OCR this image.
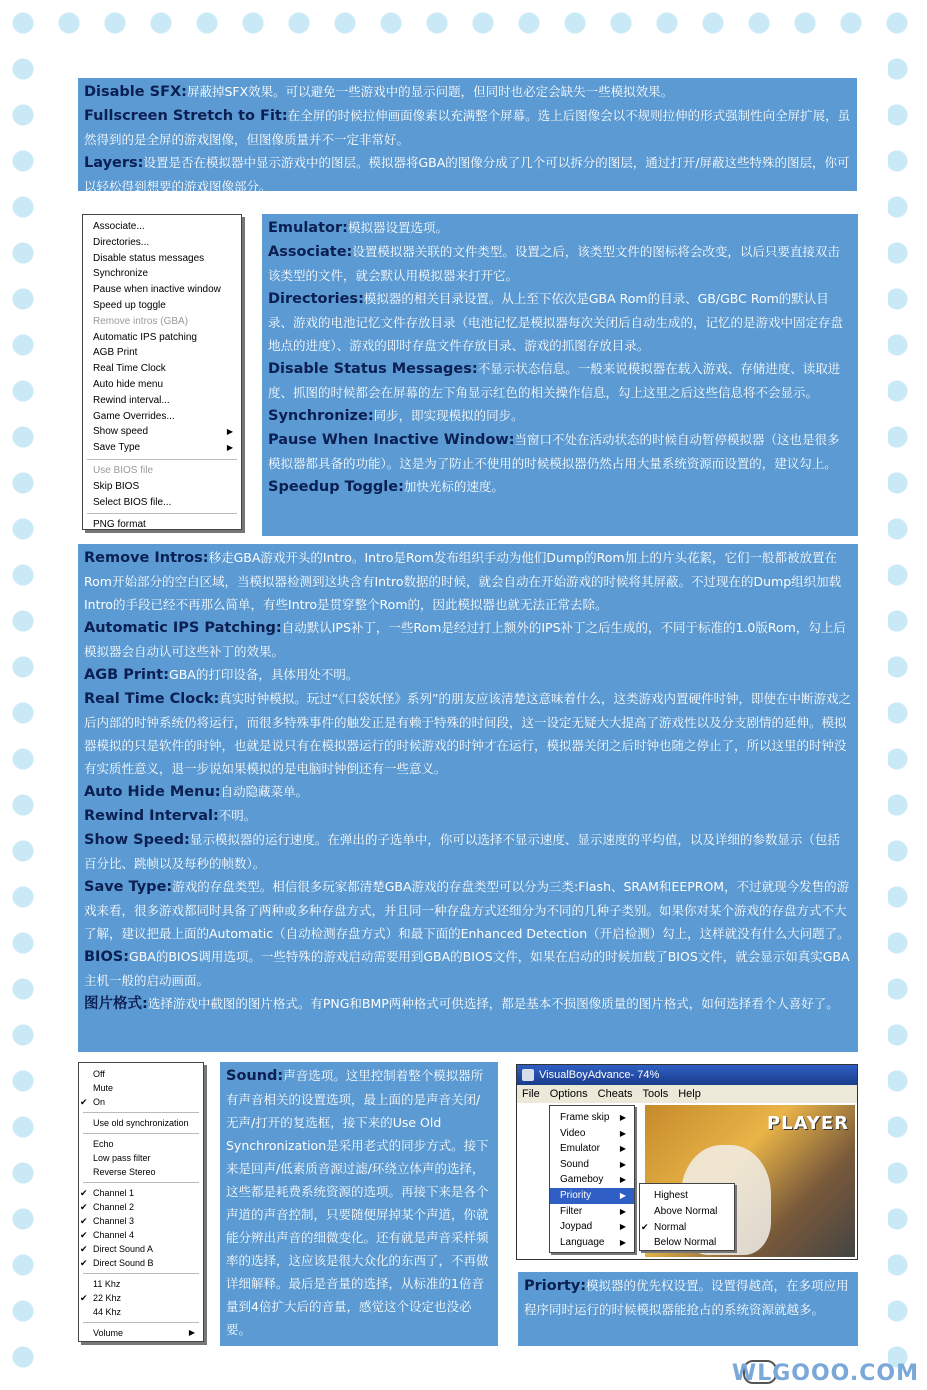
Disable SFX:屏蔽掉SFX效果。可以避免一些游戏中的显示问题，但同时也必定会缺失一些模拟效果。

Fullscreen Stretch to Fit:在全屏的时候拉伸画面像素以充满整个屏幕。选上后图像会以不规则拉伸的形式强制性向全屏扩展，虽然得到的是全屏的游戏图像，但图像质量并不一定非常好。

Layers:设置是否在模拟器中显示游戏中的图层。模拟器将GBA的图像分成了几个可以拆分的图层，通过打开/屏蔽这些特殊的图层，你可以轻松得到想要的游戏图像部分。

Associate...
Directories...
Disable status messages
Synchronize
Pause when inactive window
Speed up toggle
Remove intros (GBA)
Automatic IPS patching
AGB Print
Real Time Clock
Auto hide menu
Rewind interval...
Game Overrides...
Show speed	▶
Save Type	▶
Use BIOS file
Skip BIOS
Select BIOS file...
PNG format

Emulator:模拟器设置选项。

Associate:设置模拟器关联的文件类型。设置之后，该类型文件的图标将会改变，以后只要直接双击该类型的文件，就会默认用模拟器来打开它。

Directories:模拟器的相关目录设置。从上至下依次是GBA Rom的目录、GB/GBC Rom的默认目录、游戏的电池记忆文件存放目录（电池记忆是模拟器每次关闭后自动生成的，记忆的是游戏中固定存盘地点的进度）、游戏的即时存盘文件存放目录、游戏的抓图存放目录。

Disable Status Messages:不显示状态信息。一般来说模拟器在载入游戏、存储进度、读取进度、抓图的时候都会在屏幕的左下角显示红色的相关操作信息，勾上这里之后这些信息将不会显示。

Synchronize:同步，即实现模拟的同步。

Pause When Inactive Window:当窗口不处在活动状态的时候自动暂停模拟器（这也是很多模拟器都具备的功能）。这是为了防止不使用的时候模拟器仍然占用大量系统资源而设置的，建议勾上。

Speedup Toggle:加快光标的速度。

Remove Intros:移走GBA游戏开头的Intro。Intro是Rom发布组织手动为他们Dump的Rom加上的片头花絮，它们一般都被放置在Rom开始部分的空白区域，当模拟器检测到这块含有Intro数据的时候，就会自动在开始游戏的时候将其屏蔽。不过现在的Dump组织加载Intro的手段已经不再那么简单，有些Intro是贯穿整个Rom的，因此模拟器也就无法正常去除。

Automatic IPS Patching:自动默认IPS补丁，一些Rom是经过打上额外的IPS补丁之后生成的，不同于标准的1.0版Rom，勾上后模拟器会自动认可这些补丁的效果。

AGB Print:GBA的打印设备，具体用处不明。

Real Time Clock:真实时钟模拟。玩过“《口袋妖怪》系列”的朋友应该清楚这意味着什么，这类游戏内置硬件时钟，即使在中断游戏之后内部的时钟系统仍将运行，而很多特殊事件的触发正是有赖于特殊的时间段，这一设定无疑大大提高了游戏性以及分支剧情的延伸。模拟器模拟的只是软件的时钟，也就是说只有在模拟器运行的时候游戏的时钟才在运行，模拟器关闭之后时钟也随之停止了，所以这里的时钟没有实质性意义，退一步说如果模拟的是电脑时钟倒还有一些意义。

Auto Hide Menu:自动隐藏菜单。

Rewind Interval:不明。

Show Speed:显示模拟器的运行速度。在弹出的子选单中，你可以选择不显示速度、显示速度的平均值，以及详细的参数显示（包括百分比、跳帧以及每秒的帧数）。

Save Type:游戏的存盘类型。相信很多玩家都清楚GBA游戏的存盘类型可以分为三类:Flash、SRAM和EEPROM，不过就现今发售的游戏来看，很多游戏都同时具备了两种或多种存盘方式，并且同一种存盘方式还细分为不同的几种子类别。如果你对某个游戏的存盘方式不大了解，建议把最上面的Automatic（自动检测存盘方式）和最下面的Enhanced Detection（开启检测）勾上，这样就没有什么大问题了。

BIOS:GBA的BIOS调用选项。一些特殊的游戏启动需要用到GBA的BIOS文件，如果在启动的时候加载了BIOS文件，就会显示如真实GBA主机一般的启动画面。

图片格式:选择游戏中截图的图片格式。有PNG和BMP两种格式可供选择，都是基本不损图像质量的图片格式，如何选择看个人喜好了。

Off
Mute
✔ On
Use old synchronization
Echo
Low pass filter
Reverse Stereo
✔ Channel 1
✔ Channel 2
✔ Channel 3
✔ Channel 4
✔ Direct Sound A
✔ Direct Sound B
11 Khz
✔ 22 Khz
44 Khz
Volume	▶

Sound:声音选项。这里控制着整个模拟器所有声音相关的设置选项，最上面的是声音关闭/无声/打开的复选框，接下来的Use Old Synchronization是采用老式的同步方式。接下来是回声/低素质音源过滤/环绕立体声的选择，这些都是耗费系统资源的选项。再接下来是各个声道的声音控制，只要随便屏掉某个声道，你就能分辨出声音的细微变化。还有就是声音采样频率的选择，这应该是很大众化的东西了，不再做详细解释。最后是音量的选择，从标准的1倍音量到4倍扩大后的音量，感觉这个设定也没必要。

VisualBoyAdvance- 74%
File Options Cheats Tools Help
PLAYER
Frame skip ▶
Video	▶
Emulator ▶
Sound	▶
Gameboy ▶
Priority	▶
Filter	▶
Joypad	▶
Language ▶
Highest
Above Normal
✔ Normal
Below Normal

Priorty:模拟器的优先权设置。设置得越高，在多项应用程序同时运行的时候模拟器能抢占的系统资源就越多。

WLGOOO.COM
